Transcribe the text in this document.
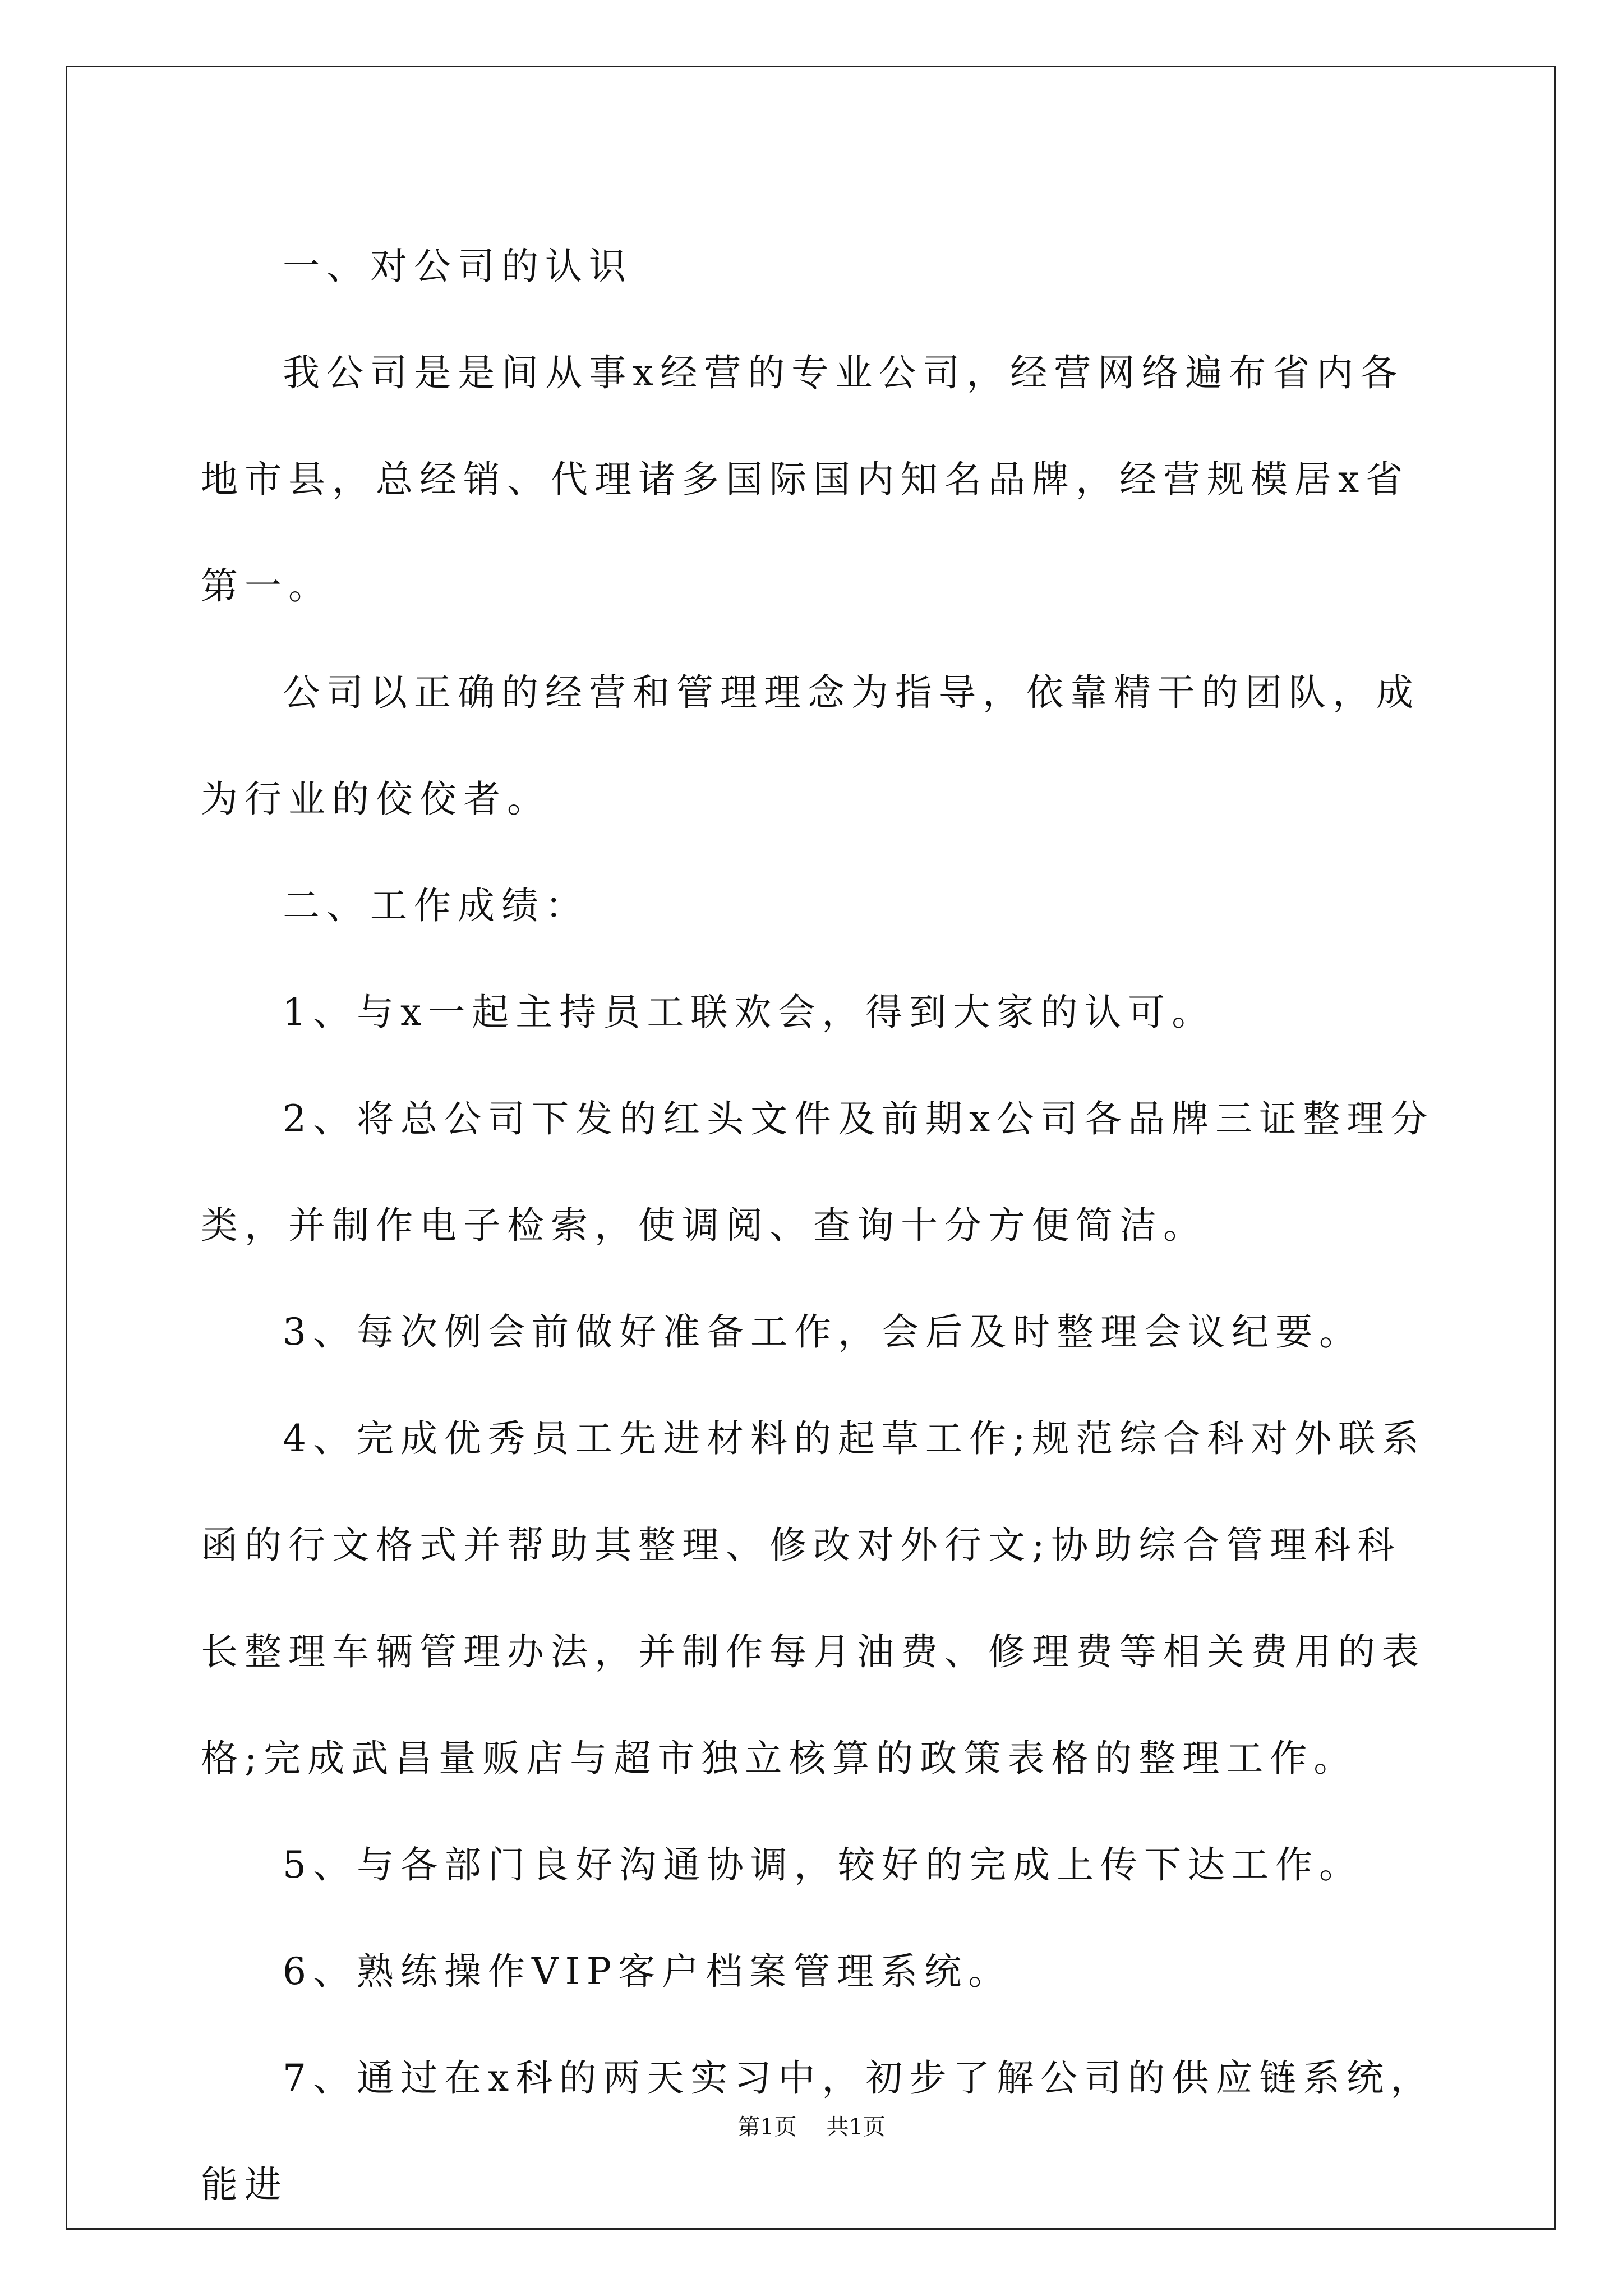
一、对公司的认识

我公司是是间从事x经营的专业公司，经营网络遍布省内各地市县，总经销、代理诸多国际国内知名品牌，经营规模居x省第一。

公司以正确的经营和管理理念为指导，依靠精干的团队，成为行业的佼佼者。

二、工作成绩：

1、与x一起主持员工联欢会，得到大家的认可。

2、将总公司下发的红头文件及前期x公司各品牌三证整理分类，并制作电子检索，使调阅、查询十分方便简洁。

3、每次例会前做好准备工作，会后及时整理会议纪要。

4、完成优秀员工先进材料的起草工作;规范综合科对外联系函的行文格式并帮助其整理、修改对外行文;协助综合管理科科长整理车辆管理办法，并制作每月油费、修理费等相关费用的表格;完成武昌量贩店与超市独立核算的政策表格的整理工作。

5、与各部门良好沟通协调，较好的完成上传下达工作。

6、熟练操作VIP客户档案管理系统。

7、通过在x科的两天实习中，初步了解公司的供应链系统，能进

第1页 共1页
